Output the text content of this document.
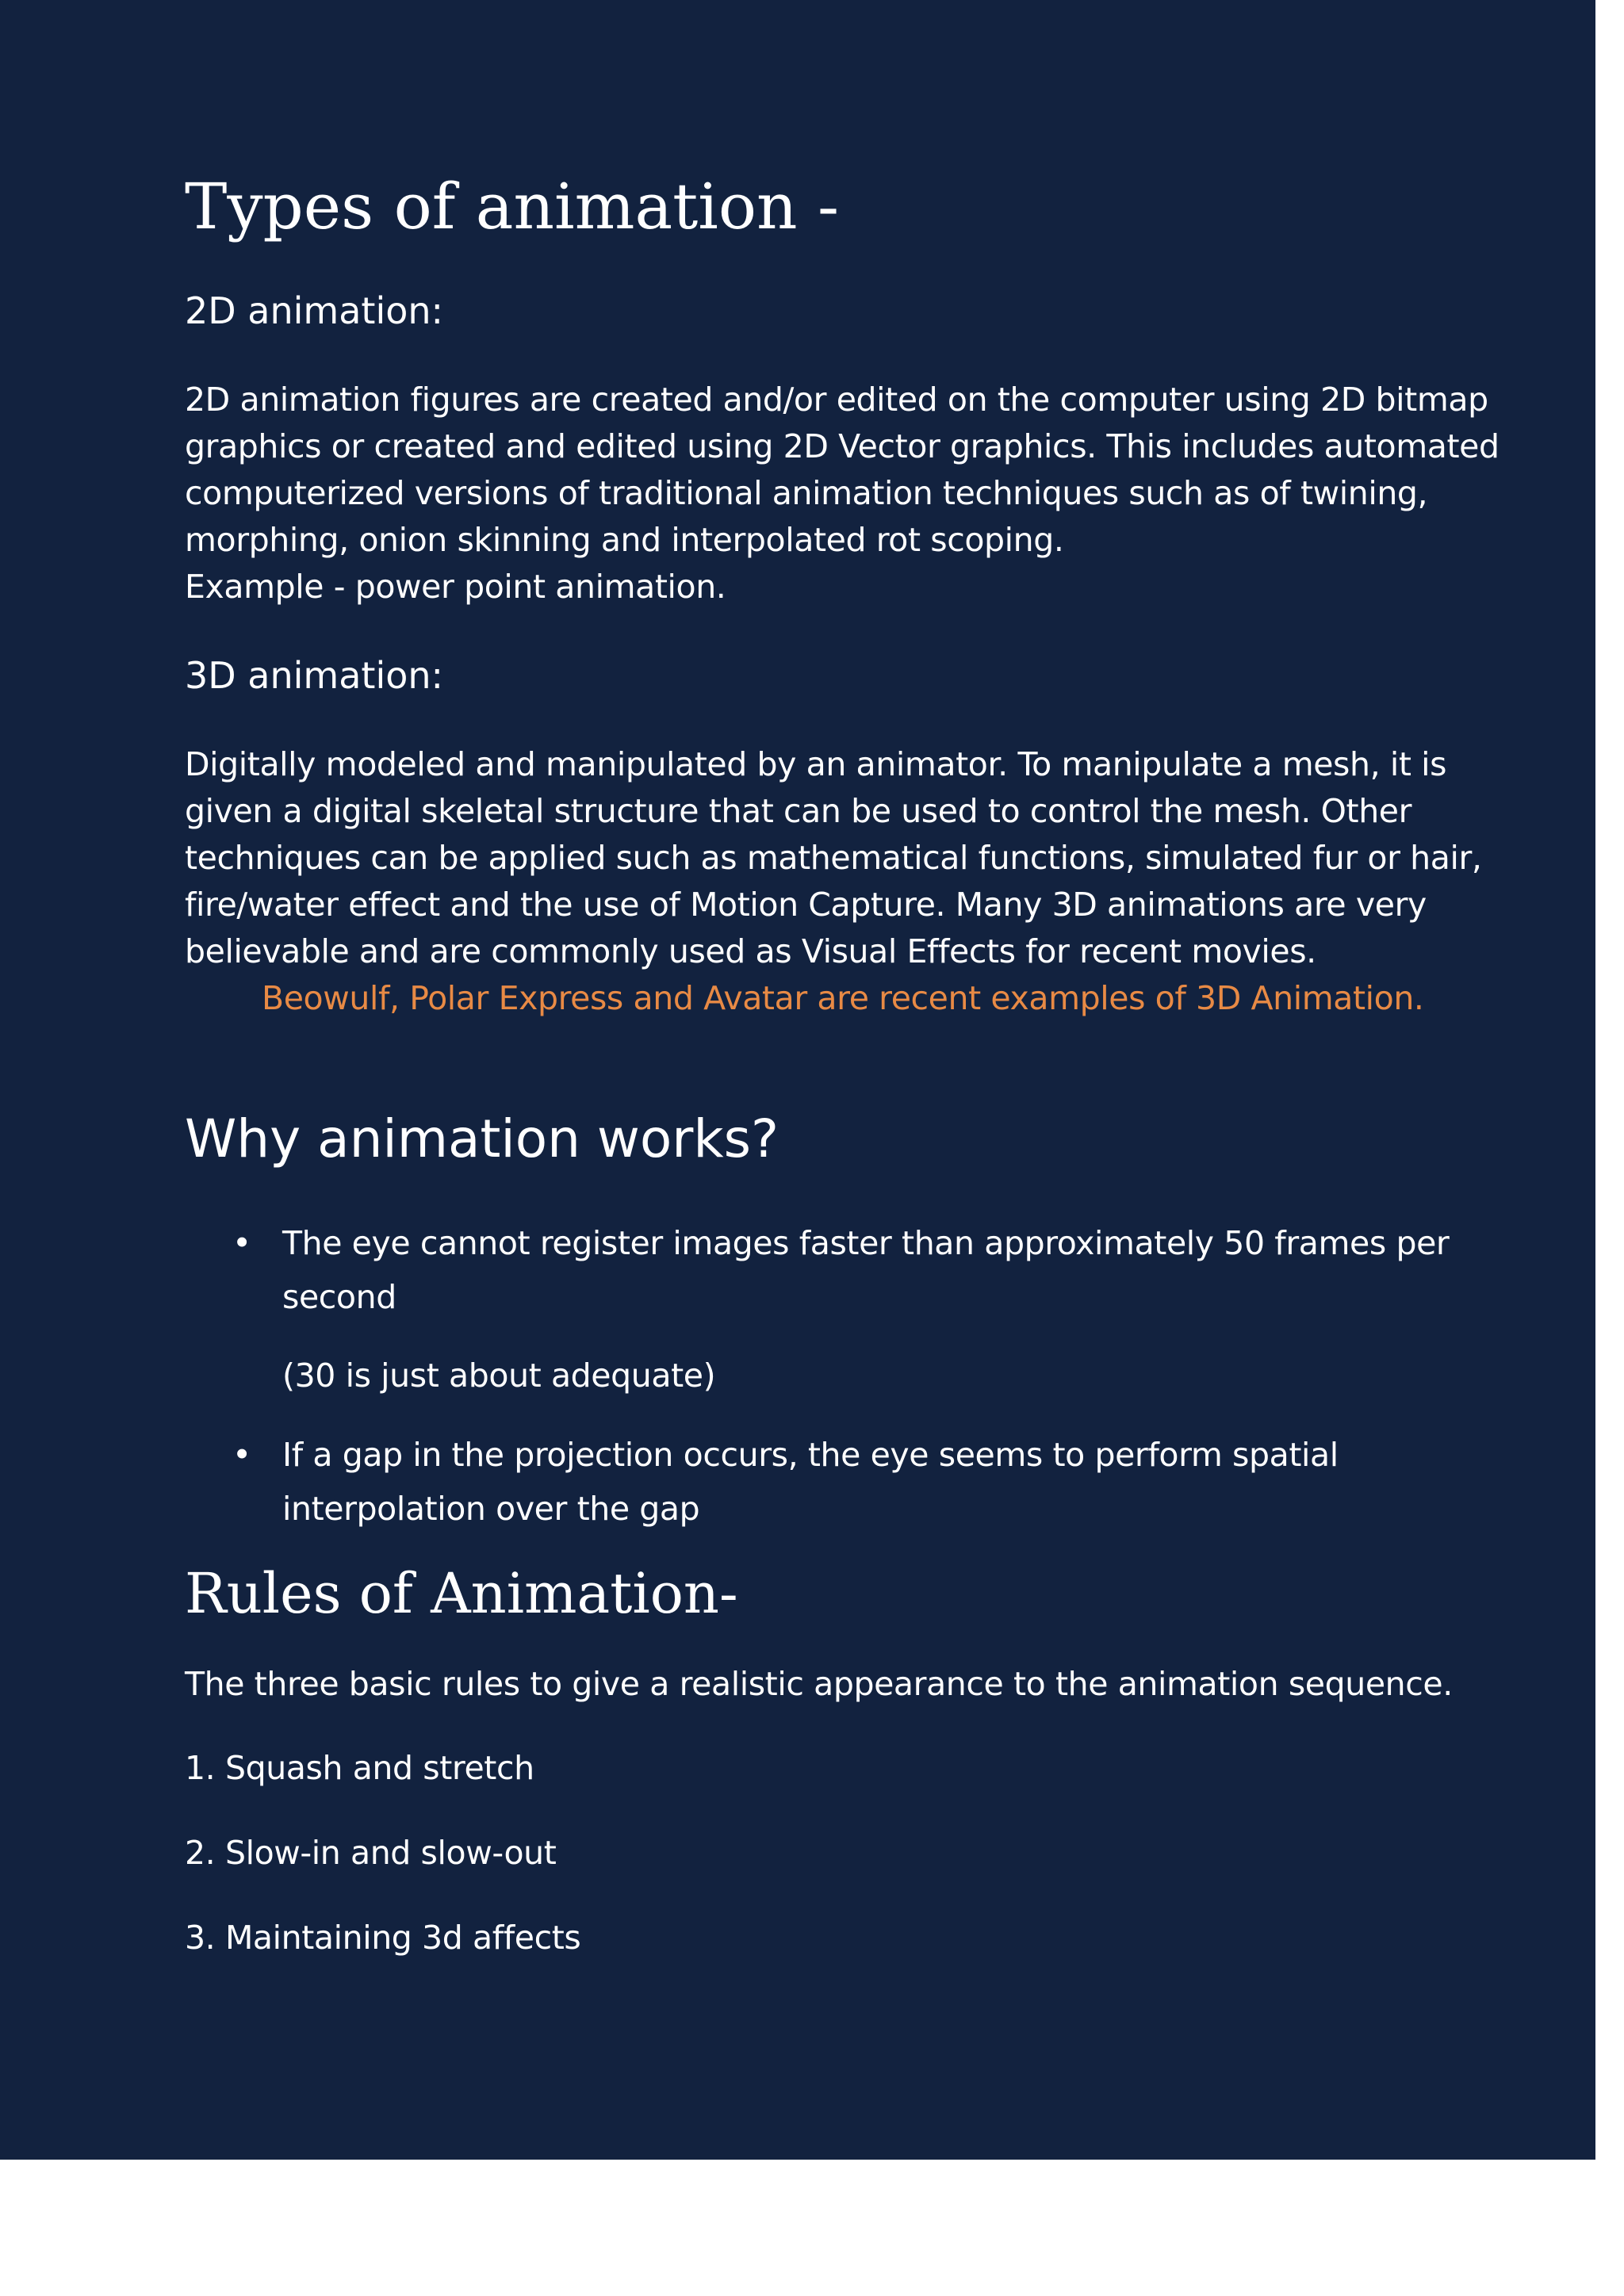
Types of animation -
2D animation:

2D animation figures are created and/or edited on the computer using 2D bitmap
graphics or created and edited using 2D Vector graphics. This includes automated
computerized versions of traditional animation techniques such as of twining,
morphing, onion skinning and interpolated rot scoping.
Example - power point animation.

3D animation:

Digitally modeled and manipulated by an animator. To manipulate a mesh, it is
given a digital skeletal structure that can be used to control the mesh. Other
techniques can be applied such as mathematical functions, simulated fur or hair,
fire/water effect and the use of Motion Capture. Many 3D animations are very
believable and are commonly used as Visual Effects for recent movies.
Beowulf, Polar Express and Avatar are recent examples of 3D Animation.

Why animation works?
• The eye cannot register images faster than approximately 50 frames per second
(30 is just about adequate)
• If a gap in the projection occurs, the eye seems to perform spatial interpolation over the gap
Rules of Animation-

The three basic rules to give a realistic appearance to the animation sequence.

1. Squash and stretch

2. Slow-in and slow-out

3. Maintaining 3d affects
